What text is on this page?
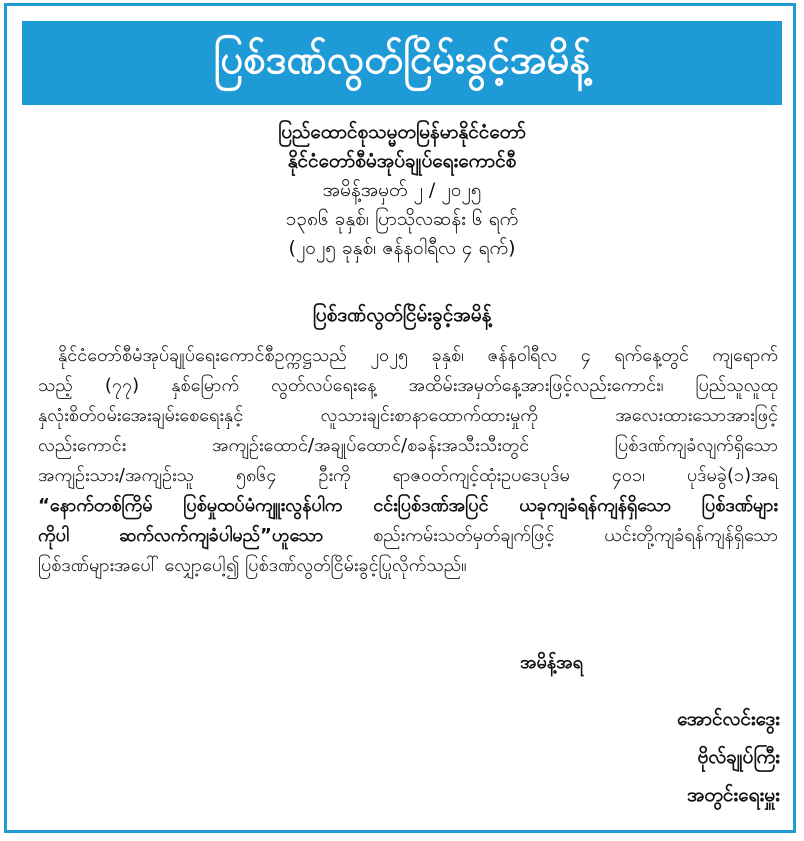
ပြစ်ဒဏ်လွတ်ငြိမ်းခွင့်အမိန့်
ပြည်ထောင်စုသမ္မတမြန်မာနိုင်ငံတော်
နိုင်ငံတော်စီမံအုပ်ချုပ်ရေးကောင်စီ
အမိန့်အမှတ် ၂ / ၂၀၂၅
၁၃၈၆ ခုနှစ်၊ ပြာသိုလဆန်း ၆ ရက်
(၂၀၂၅ ခုနှစ်၊ ဇန်နဝါရီလ ၄ ရက်)
ပြစ်ဒဏ်လွတ်ငြိမ်းခွင့်အမိန့်
နိုင်ငံတော်စီမံအုပ်ချုပ်ရေးကောင်စီဥက္ကဋ္ဌသည် ၂၀၂၅ ခုနှစ်၊ ဇန်နဝါရီလ ၄ ရက်နေ့တွင် ကျရောက်
သည့် (၇၇) နှစ်မြောက် လွတ်လပ်ရေးနေ့ အထိမ်းအမှတ်နေ့အားဖြင့်လည်းကောင်း၊ ပြည်သူလူထု
နှလုံးစိတ်ဝမ်းအေးချမ်းစေရေးနှင့်	လူသားချင်းစာနာထောက်ထားမှုကို	အလေးထားသောအားဖြင့်
လည်းကောင်း	အကျဉ်းထောင်/အချုပ်ထောင်/စခန်းအသီးသီးတွင်	ပြစ်ဒဏ်ကျခံလျက်ရှိသော
အကျဉ်းသား/အကျဉ်းသူ ၅၈၆၄ ဦးကို ရာဇဝတ်ကျင့်ထုံးဥပဒေပုဒ်မ ၄၀၁၊ ပုဒ်မခွဲ(၁)အရ
“နောက်တစ်ကြိမ် ပြစ်မှုထပ်မံကျူးလွန်ပါက ငင်းပြစ်ဒဏ်အပြင် ယခုကျခံရန်ကျန်ရှိသော ပြစ်ဒဏ်များ
ကိုပါ	ဆက်လက်ကျခံပါမည်”ဟူသော	စည်းကမ်းသတ်မှတ်ချက်ဖြင့်	ယင်းတို့ကျခံရန်ကျန်ရှိသော
ပြစ်ဒဏ်များအပေါ်
လျှော့ပေါ့၍
ပြစ်ဒဏ်လွတ်ငြိမ်းခွင့်ပြုလိုက်သည်။
အမိန့်အရ
အောင်လင်းဒွေး
ဗိုလ်ချုပ်ကြီး
အတွင်းရေးမှူး
